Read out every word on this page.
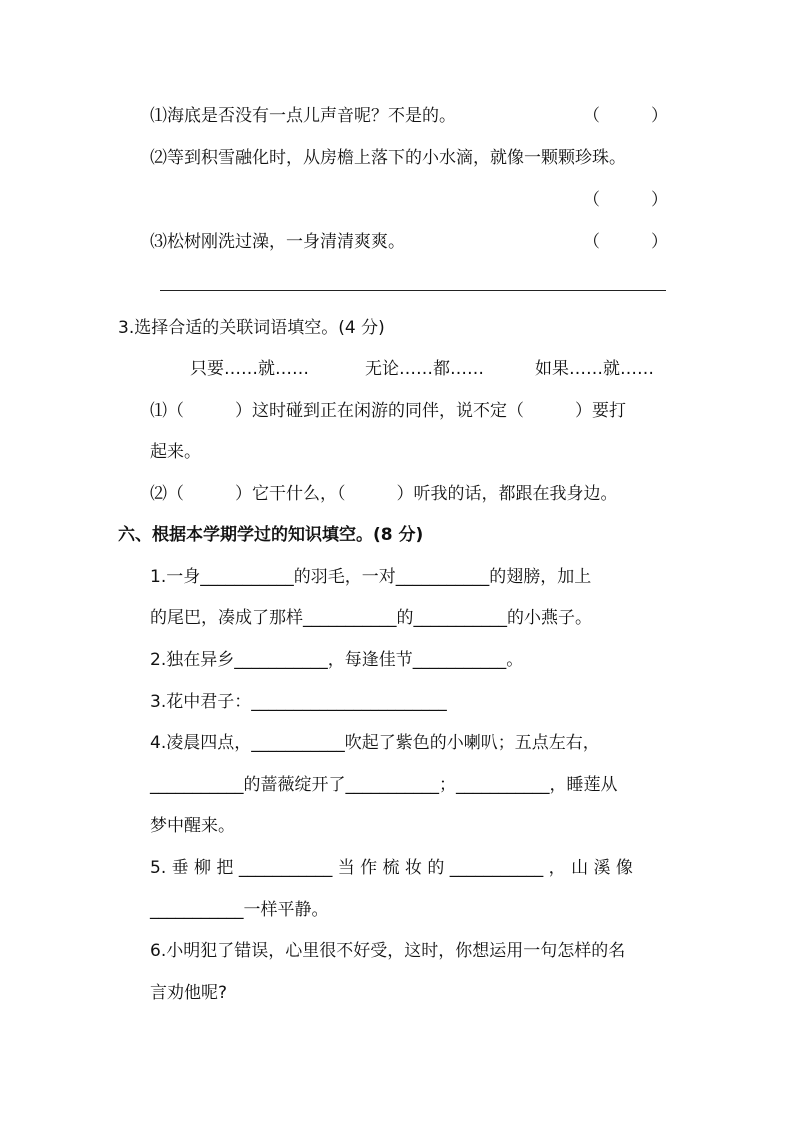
⑴海底是否没有一点儿声音呢？不是的。	（　　　）
⑵等到积雪融化时，从房檐上落下的小水滴，就像一颗颗珍珠。
（　　　）
⑶松树刚洗过澡，一身清清爽爽。	（　　　）
3.选择合适的关联词语填空。(4 分)
只要……就……	无论……都……	如果……就……
⑴（　　　）这时碰到正在闲游的同伴，说不定（　　　）要打
起来。
⑵（　　　）它干什么，（　　　）听我的话，都跟在我身边。
六、根据本学期学过的知识填空。(8 分)
1.一身___________的羽毛，一对___________的翅膀，加上
的尾巴，凑成了那样___________的___________的小燕子。
2.独在异乡___________，每逢佳节___________。
3.花中君子：_______________________
4.凌晨四点，___________吹起了紫色的小喇叭；五点左右，
___________的蔷薇绽开了___________；___________，睡莲从
梦中醒来。
5. 垂 柳 把 ___________ 当 作 梳 妆 的 ___________ ， 山 溪 像
___________一样平静。
6.小明犯了错误，心里很不好受，这时，你想运用一句怎样的名
言劝他呢?
